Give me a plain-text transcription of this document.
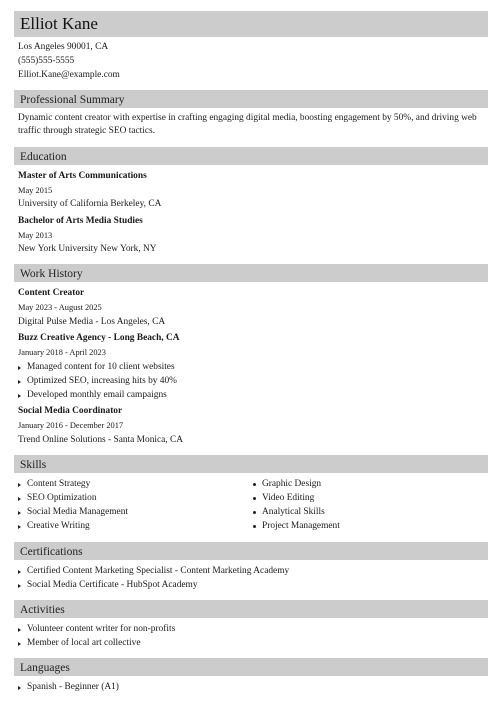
Elliot Kane
Los Angeles 90001, CA
(555)555-5555
Elliot.Kane@example.com
Professional Summary
Dynamic content creator with expertise in crafting engaging digital media, boosting engagement by 50%, and driving web traffic through strategic SEO tactics.
Education
Master of Arts Communications
May 2015
University of California Berkeley, CA
Bachelor of Arts Media Studies
May 2013
New York University New York, NY
Work History
Content Creator
May 2023 - August 2025
Digital Pulse Media - Los Angeles, CA
Buzz Creative Agency - Long Beach, CA
January 2018 - April 2023
Managed content for 10 client websites
Optimized SEO, increasing hits by 40%
Developed monthly email campaigns
Social Media Coordinator
January 2016 - December 2017
Trend Online Solutions - Santa Monica, CA
Skills
Content Strategy
SEO Optimization
Social Media Management
Creative Writing
Graphic Design
Video Editing
Analytical Skills
Project Management
Certifications
Certified Content Marketing Specialist - Content Marketing Academy
Social Media Certificate - HubSpot Academy
Activities
Volunteer content writer for non-profits
Member of local art collective
Languages
Spanish - Beginner (A1)
